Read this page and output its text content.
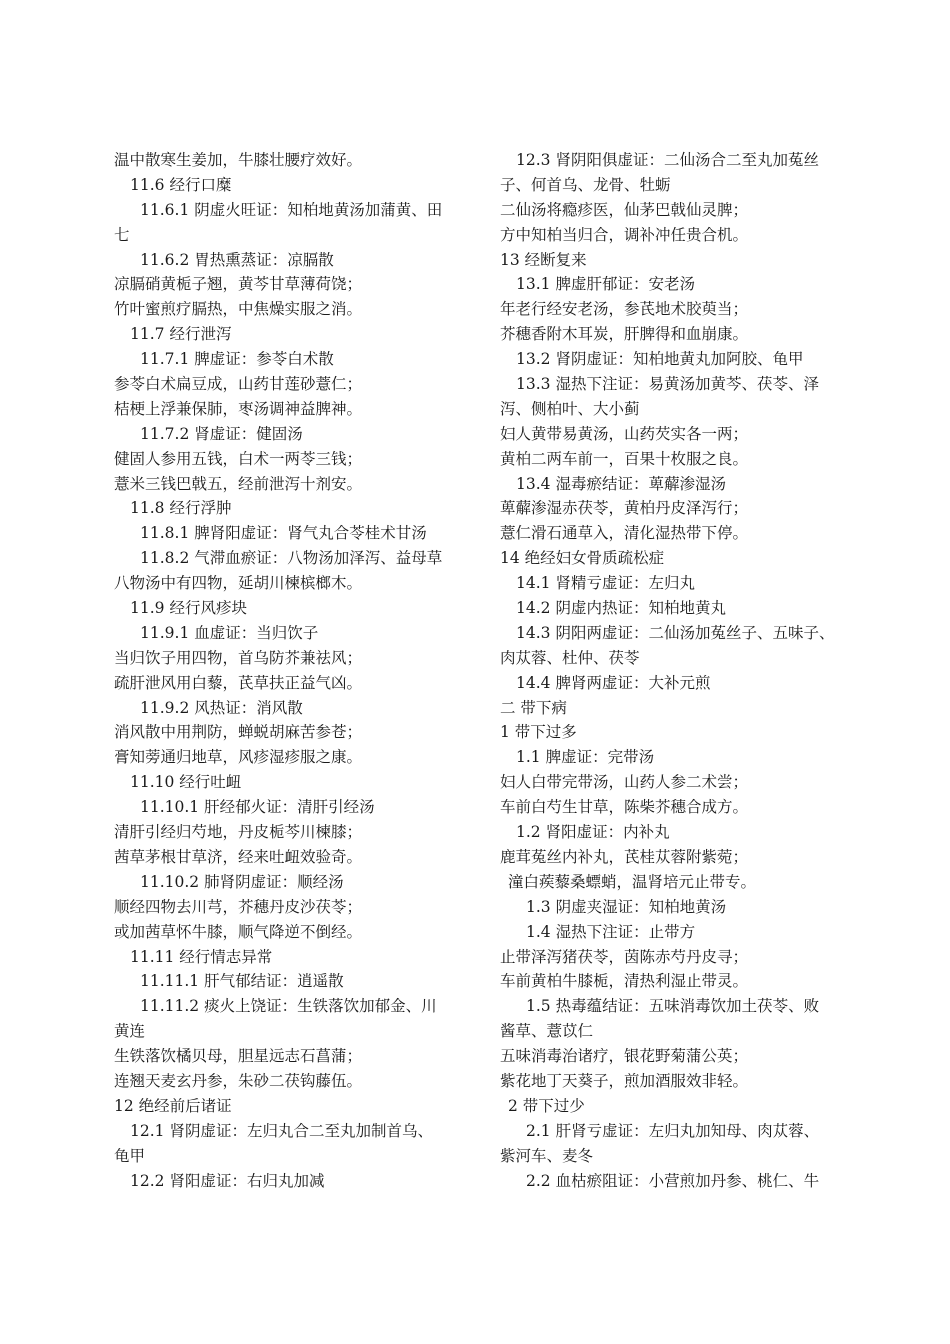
温中散寒生姜加，牛膝壮腰疗效好。
11.6 经行口糜
11.6.1 阴虚火旺证：知柏地黄汤加蒲黄、田
七
11.6.2 胃热熏蒸证：凉膈散
凉膈硝黄栀子翘，黄芩甘草薄荷饶；
竹叶蜜煎疗膈热，中焦燥实服之消。
11.7 经行泄泻
11.7.1 脾虚证：参苓白术散
参苓白术扁豆成，山药甘莲砂薏仁；
桔梗上浮兼保肺，枣汤调神益脾神。
11.7.2 肾虚证：健固汤
健固人参用五钱，白术一两苓三钱；
薏米三钱巴戟五，经前泄泻十剂安。
11.8 经行浮肿
11.8.1 脾肾阳虚证：肾气丸合苓桂术甘汤
11.8.2 气滞血瘀证：八物汤加泽泻、益母草
八物汤中有四物，延胡川楝槟榔木。
11.9 经行风疹块
11.9.1 血虚证：当归饮子
当归饮子用四物，首乌防芥兼祛风；
疏肝泄风用白藜，芪草扶正益气凶。
11.9.2 风热证：消风散
消风散中用荆防，蝉蜕胡麻苦参苍；
膏知蒡通归地草，风疹湿疹服之康。
11.10 经行吐衄
11.10.1 肝经郁火证：清肝引经汤
清肝引经归芍地，丹皮栀芩川楝膝；
茜草茅根甘草济，经来吐衄效验奇。
11.10.2 肺肾阴虚证：顺经汤
顺经四物去川芎，芥穗丹皮沙茯苓；
或加茜草怀牛膝，顺气降逆不倒经。
11.11 经行情志异常
11.11.1 肝气郁结证：逍遥散
11.11.2 痰火上饶证：生铁落饮加郁金、川
黄连
生铁落饮橘贝母，胆星远志石菖蒲；
连翘天麦玄丹参，朱砂二茯钩藤伍。
12 绝经前后诸证
12.1 肾阴虚证：左归丸合二至丸加制首乌、
龟甲
12.2 肾阳虚证：右归丸加减
12.3 肾阴阳俱虚证：二仙汤合二至丸加菟丝
子、何首乌、龙骨、牡蛎
二仙汤将瘾疹医，仙茅巴戟仙灵脾；
方中知柏当归合，调补冲任贵合机。
13 经断复来
13.1 脾虚肝郁证：安老汤
年老行经安老汤，参芪地术胶萸当；
芥穗香附木耳炭，肝脾得和血崩康。
13.2 肾阴虚证：知柏地黄丸加阿胶、龟甲
13.3 湿热下注证：易黄汤加黄芩、茯苓、泽
泻、侧柏叶、大小蓟
妇人黄带易黄汤，山药芡实各一两；
黄柏二两车前一，百果十枚服之良。
13.4 湿毒瘀结证：萆薢渗湿汤
萆薢渗湿赤茯苓，黄柏丹皮泽泻行；
薏仁滑石通草入，清化湿热带下停。
14 绝经妇女骨质疏松症
14.1 肾精亏虚证：左归丸
14.2 阴虚内热证：知柏地黄丸
14.3 阴阳两虚证：二仙汤加菟丝子、五味子、
肉苁蓉、杜仲、茯苓
14.4 脾肾两虚证：大补元煎
二 带下病
1 带下过多
1.1 脾虚证：完带汤
妇人白带完带汤，山药人参二术尝；
车前白芍生甘草，陈柴芥穗合成方。
1.2 肾阳虚证：内补丸
鹿茸菟丝内补丸，芪桂苁蓉附紫菀；
潼白蒺藜桑螵蛸，温肾培元止带专。
1.3 阴虚夹湿证：知柏地黄汤
1.4 湿热下注证：止带方
止带泽泻猪茯苓，茵陈赤芍丹皮寻；
车前黄柏牛膝栀，清热利湿止带灵。
1.5 热毒蕴结证：五味消毒饮加土茯苓、败
酱草、薏苡仁
五味消毒治诸疗，银花野菊蒲公英；
紫花地丁天葵子，煎加酒服效非轻。
2 带下过少
2.1 肝肾亏虚证：左归丸加知母、肉苁蓉、
紫河车、麦冬
2.2 血枯瘀阻证：小营煎加丹参、桃仁、牛
